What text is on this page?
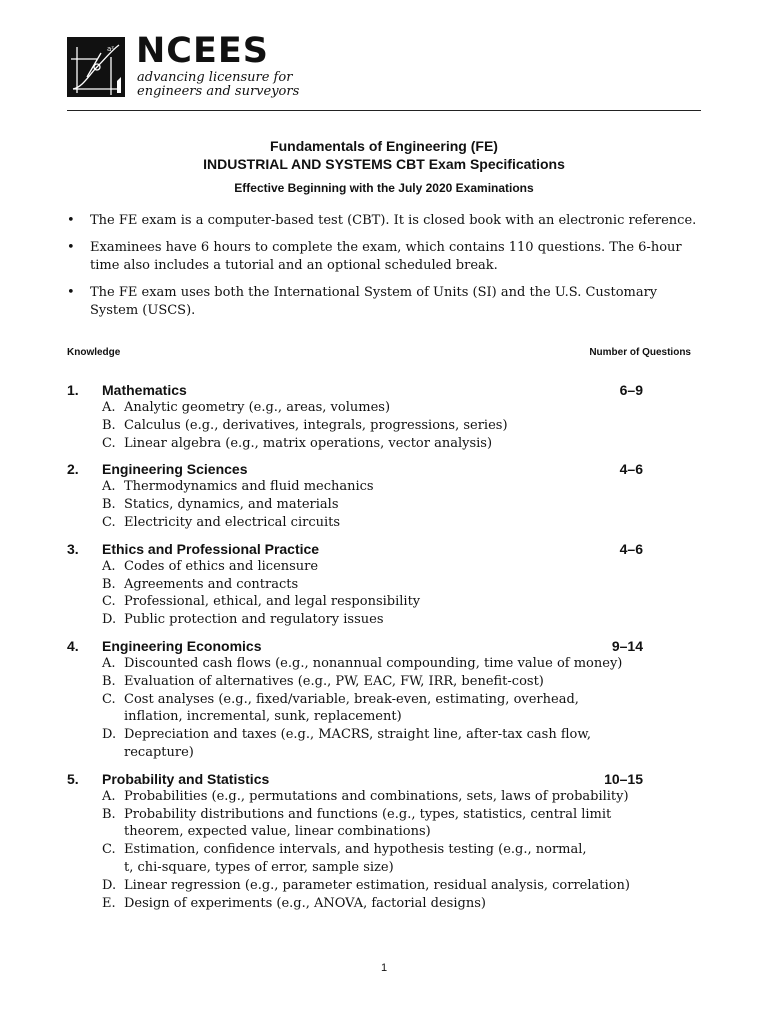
a² NCEES
advancing licensure for
engineers and surveyors
Fundamentals of Engineering (FE)
INDUSTRIAL AND SYSTEMS CBT Exam Specifications
Effective Beginning with the July 2020 Examinations
• The FE exam is a computer-based test (CBT). It is closed book with an electronic reference.
• Examinees have 6 hours to complete the exam, which contains 110 questions. The 6-hour time also includes a tutorial and an optional scheduled break.
• The FE exam uses both the International System of Units (SI) and the U.S. Customary System (USCS).
Knowledge	Number of Questions
1. Mathematics	6–9
A. Analytic geometry (e.g., areas, volumes)
B. Calculus (e.g., derivatives, integrals, progressions, series)
C. Linear algebra (e.g., matrix operations, vector analysis)
2. Engineering Sciences	4–6
A. Thermodynamics and fluid mechanics
B. Statics, dynamics, and materials
C. Electricity and electrical circuits
3. Ethics and Professional Practice	4–6
A. Codes of ethics and licensure
B. Agreements and contracts
C. Professional, ethical, and legal responsibility
D. Public protection and regulatory issues
4. Engineering Economics	9–14
A. Discounted cash flows (e.g., nonannual compounding, time value of money)
B. Evaluation of alternatives (e.g., PW, EAC, FW, IRR, benefit-cost)
C. Cost analyses (e.g., fixed/variable, break-even, estimating, overhead,
inflation, incremental, sunk, replacement)
D. Depreciation and taxes (e.g., MACRS, straight line, after-tax cash flow,
recapture)
5. Probability and Statistics	10–15
A. Probabilities (e.g., permutations and combinations, sets, laws of probability)
B. Probability distributions and functions (e.g., types, statistics, central limit
theorem, expected value, linear combinations)
C. Estimation, confidence intervals, and hypothesis testing (e.g., normal,
t, chi-square, types of error, sample size)
D. Linear regression (e.g., parameter estimation, residual analysis, correlation)
E. Design of experiments (e.g., ANOVA, factorial designs)
1
